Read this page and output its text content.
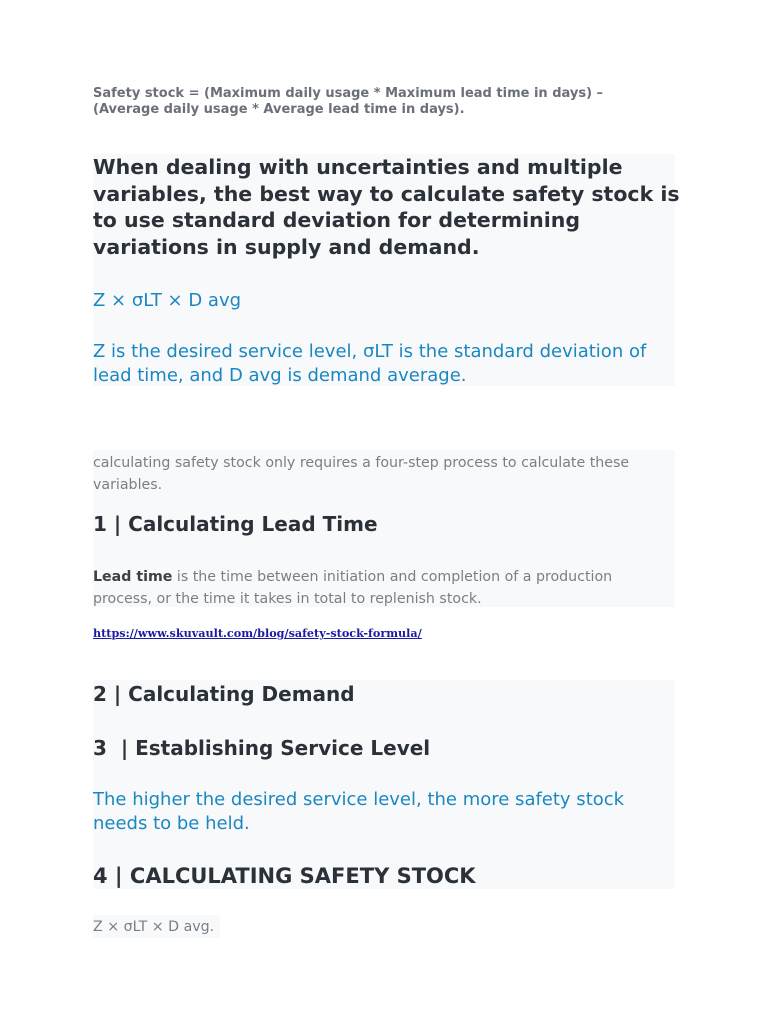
Safety stock = (Maximum daily usage * Maximum lead time in days) – (Average daily usage * Average lead time in days).
When dealing with uncertainties and multiple variables, the best way to calculate safety stock is to use standard deviation for determining variations in supply and demand.
Z × σLT × D avg
Z is the desired service level, σLT is the standard deviation of lead time, and D avg is demand average.
calculating safety stock only requires a four-step process to calculate these variables.
1 | Calculating Lead Time
Lead time is the time between initiation and completion of a production process, or the time it takes in total to replenish stock.
https://www.skuvault.com/blog/safety-stock-formula/
2 | Calculating Demand
3  | Establishing Service Level
The higher the desired service level, the more safety stock needs to be held.
4 | CALCULATING SAFETY STOCK
Z × σLT × D avg.
